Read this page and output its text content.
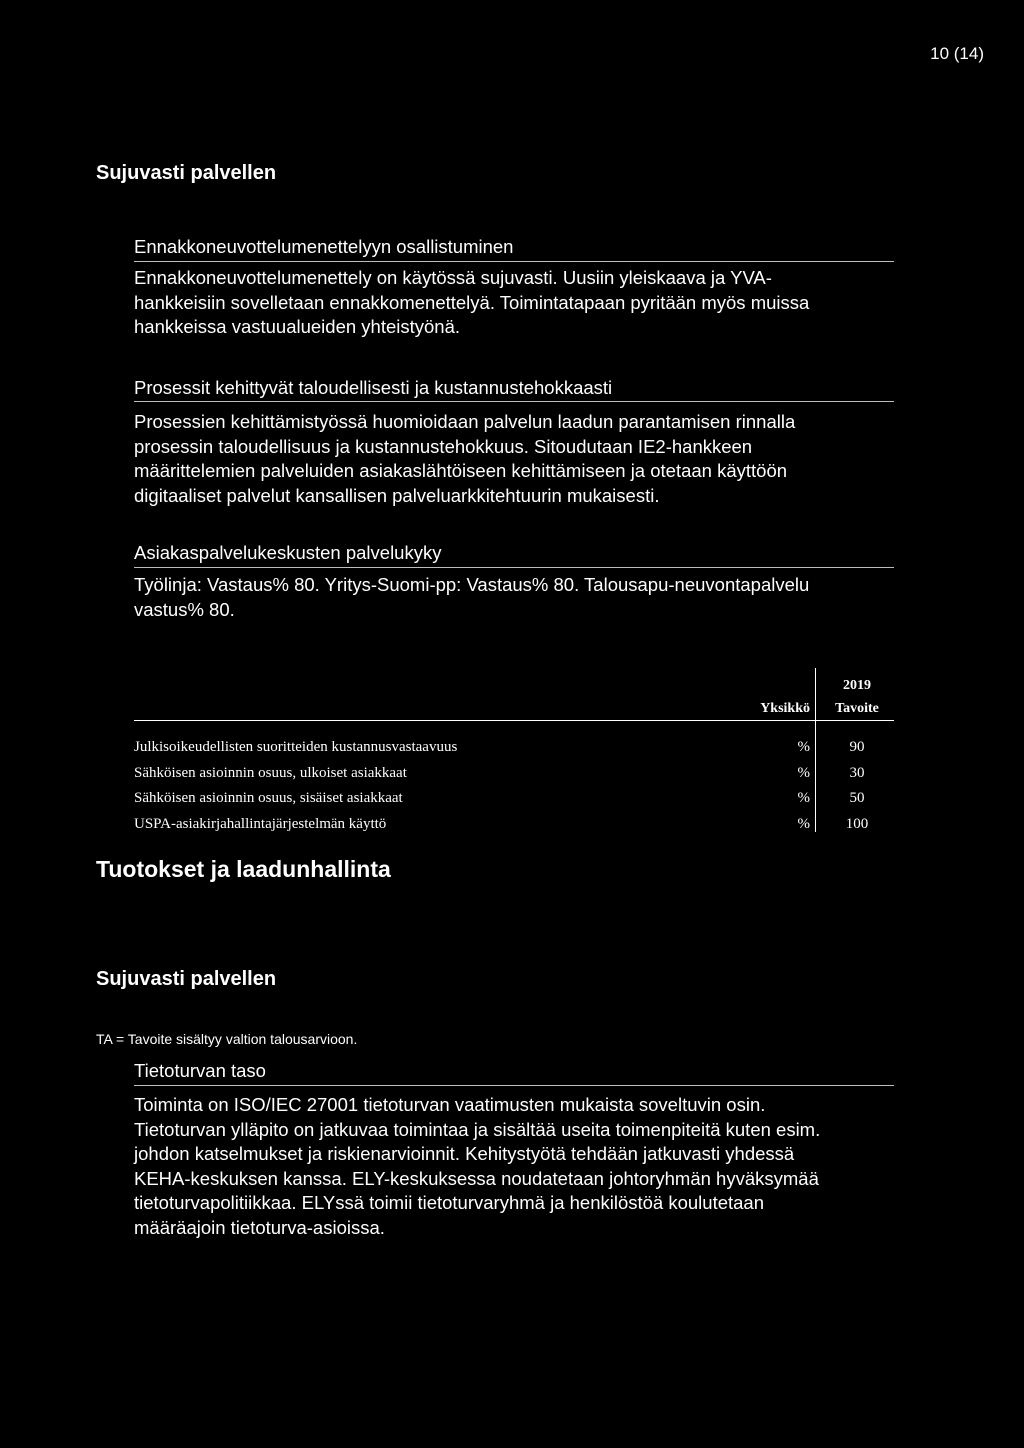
10 (14)
Sujuvasti palvellen
Ennakkoneuvottelumenettelyyn osallistuminen
Ennakkoneuvottelumenettely on käytössä sujuvasti. Uusiin yleiskaava ja YVA-
hankkeisiin sovelletaan ennakkomenettelyä. Toimintatapaan pyritään myös muissa
hankkeissa vastuualueiden yhteistyönä.
Prosessit kehittyvät taloudellisesti ja kustannustehokkaasti
Prosessien kehittämistyössä huomioidaan palvelun laadun parantamisen rinnalla
prosessin taloudellisuus ja kustannustehokkuus. Sitoudutaan IE2-hankkeen
määrittelemien palveluiden asiakaslähtöiseen kehittämiseen ja otetaan käyttöön
digitaaliset palvelut kansallisen palveluarkkitehtuurin mukaisesti.
Asiakaspalvelukeskusten palvelukyky
Työlinja: Vastaus% 80. Yritys-Suomi-pp: Vastaus% 80. Talousapu-neuvontapalvelu
vastus% 80.
Yksikkö
2019
Tavoite
Julkisoikeudellisten suoritteiden kustannusvastaavuus	%	90
Sähköisen asioinnin osuus, ulkoiset asiakkaat	%	30
Sähköisen asioinnin osuus, sisäiset asiakkaat	%	50
USPA-asiakirjahallintajärjestelmän käyttö	%	100
Tuotokset ja laadunhallinta
Sujuvasti palvellen
TA = Tavoite sisältyy valtion talousarvioon.
Tietoturvan taso
Toiminta on ISO/IEC 27001 tietoturvan vaatimusten mukaista soveltuvin osin.
Tietoturvan ylläpito on jatkuvaa toimintaa ja sisältää useita toimenpiteitä kuten esim.
johdon katselmukset ja riskienarvioinnit. Kehitystyötä tehdään jatkuvasti yhdessä
KEHA-keskuksen kanssa. ELY-keskuksessa noudatetaan johtoryhmän hyväksymää
tietoturvapolitiikkaa. ELYssä toimii tietoturvaryhmä ja henkilöstöä koulutetaan
määräajoin tietoturva-asioissa.
